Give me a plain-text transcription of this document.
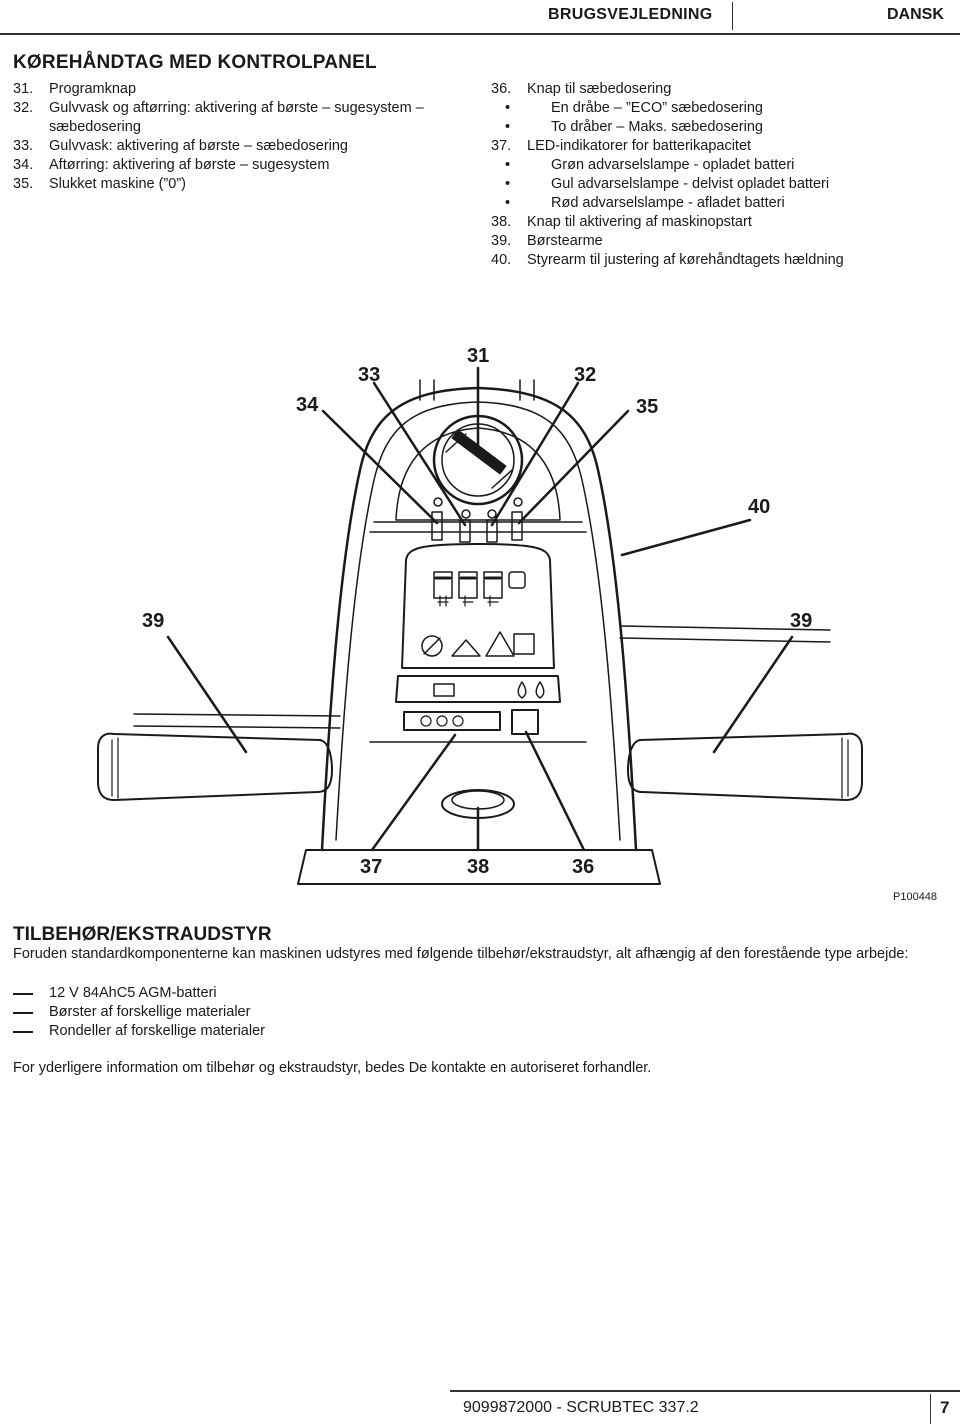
BRUGSVEJLEDNING	DANSK
KØREHÅNDTAG MED KONTROLPANEL
31. Programknap
32. Gulvvask og aftørring: aktivering af børste – sugesystem –
sæbedosering
33. Gulvvask: aktivering af børste – sæbedosering
34. Aftørring: aktivering af børste – sugesystem
35. Slukket maskine (”0”)
36. Knap til sæbedosering
• En dråbe – ”ECO” sæbedosering
• To dråber – Maks. sæbedosering
37. LED-indikatorer for batterikapacitet
• Grøn advarselslampe - opladet batteri
• Gul advarselslampe - delvist opladet batteri
• Rød advarselslampe - afladet batteri
38. Knap til aktivering af maskinopstart
39. Børstearme
40. Styrearm til justering af kørehåndtagets hældning
31
32
33
34	35
40
39	39
37	38	36
P100448
TILBEHØR/EKSTRAUDSTYR
Foruden standardkomponenterne kan maskinen udstyres med følgende tilbehør/ekstraudstyr, alt afhængig af den forestående type arbejde:
12 V 84AhC5 AGM-batteri
Børster af forskellige materialer
Rondeller af forskellige materialer
For yderligere information om tilbehør og ekstraudstyr, bedes De kontakte en autoriseret forhandler.
9099872000 - SCRUBTEC 337.2	7
